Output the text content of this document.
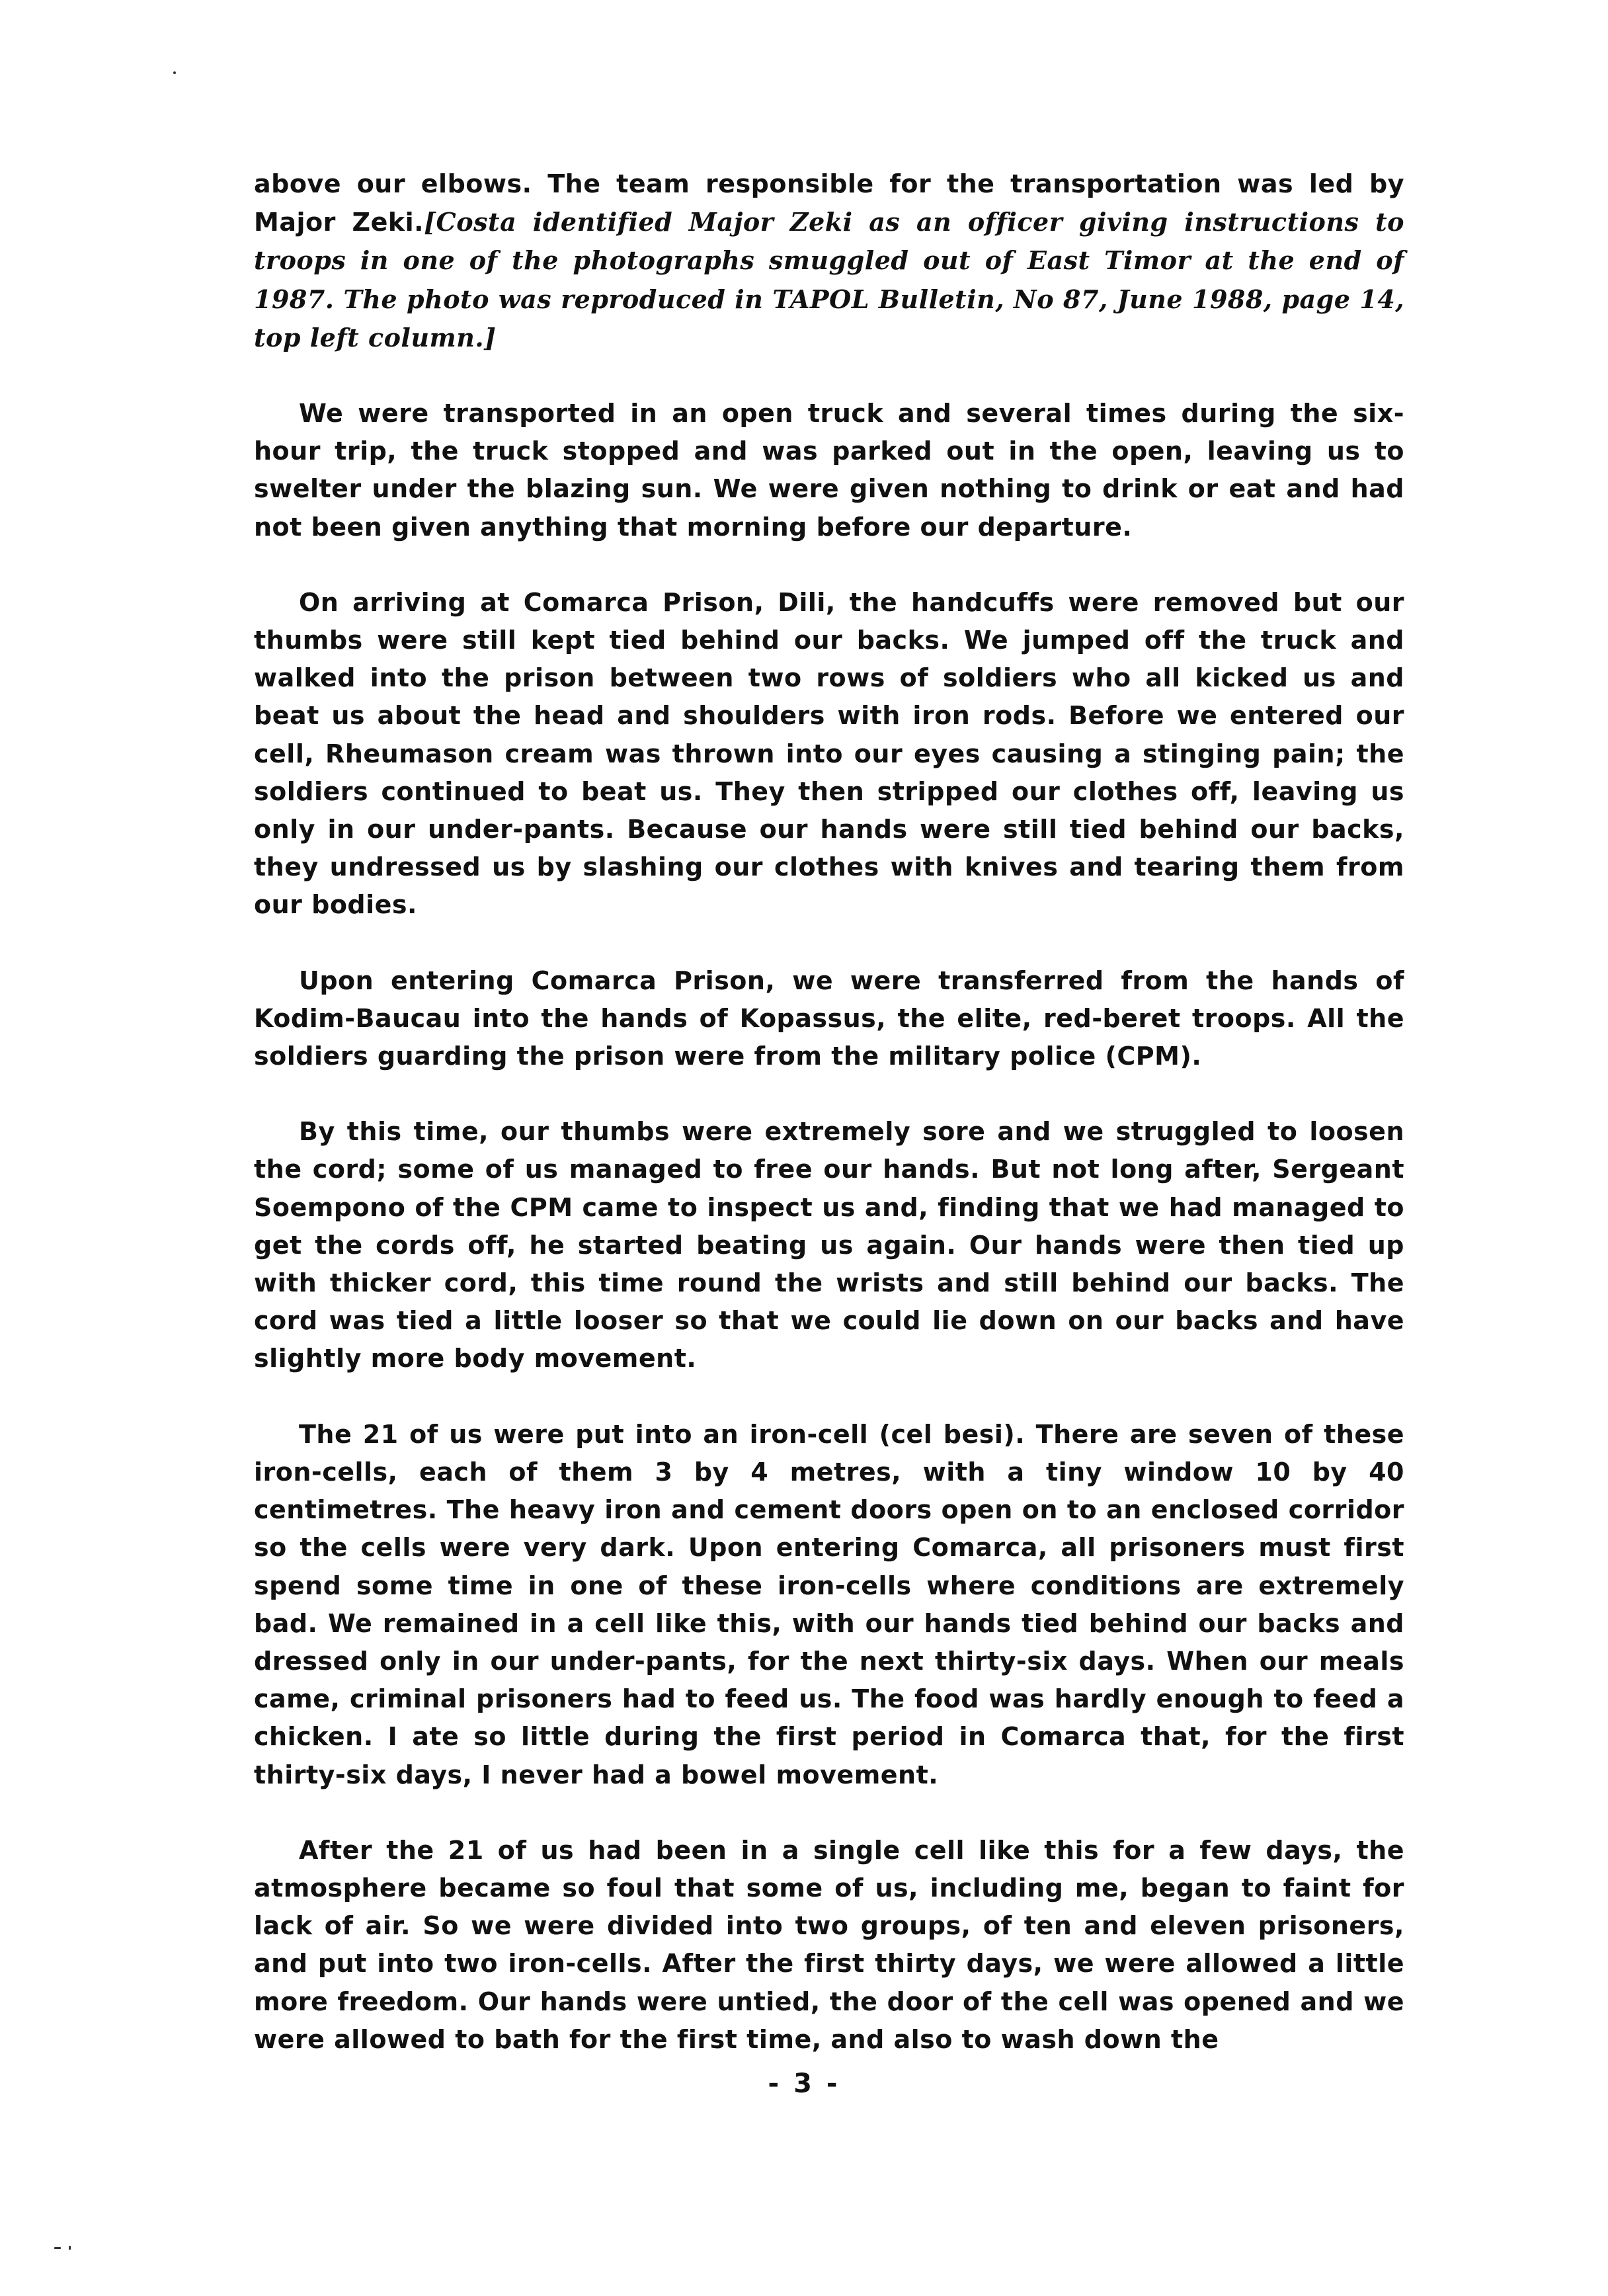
above our elbows. The team responsible for the transportation was led by Major Zeki.[Costa identified Major Zeki as an officer giving instructions to troops in one of the photographs smuggled out of East Timor at the end of 1987. The photo was reproduced in TAPOL Bulletin, No 87, June 1988, page 14, top left column.]

We were transported in an open truck and several times during the six-hour trip, the truck stopped and was parked out in the open, leaving us to swelter under the blazing sun. We were given nothing to drink or eat and had not been given anything that morning before our departure.

On arriving at Comarca Prison, Dili, the handcuffs were removed but our thumbs were still kept tied behind our backs. We jumped off the truck and walked into the prison between two rows of soldiers who all kicked us and beat us about the head and shoulders with iron rods. Before we entered our cell, Rheumason cream was thrown into our eyes causing a stinging pain; the soldiers continued to beat us. They then stripped our clothes off, leaving us only in our under-pants. Because our hands were still tied behind our backs, they undressed us by slashing our clothes with knives and tearing them from our bodies.

Upon entering Comarca Prison, we were transferred from the hands of Kodim-Baucau into the hands of Kopassus, the elite, red-beret troops. All the soldiers guarding the prison were from the military police (CPM).

By this time, our thumbs were extremely sore and we struggled to loosen the cord; some of us managed to free our hands. But not long after, Sergeant Soempono of the CPM came to inspect us and, finding that we had managed to get the cords off, he started beating us again. Our hands were then tied up with thicker cord, this time round the wrists and still behind our backs. The cord was tied a little looser so that we could lie down on our backs and have slightly more body movement.

The 21 of us were put into an iron-cell (cel besi). There are seven of these iron-cells, each of them 3 by 4 metres, with a tiny window 10 by 40 centimetres. The heavy iron and cement doors open on to an enclosed corridor so the cells were very dark. Upon entering Comarca, all prisoners must first spend some time in one of these iron-cells where conditions are extremely bad. We remained in a cell like this, with our hands tied behind our backs and dressed only in our under-pants, for the next thirty-six days. When our meals came, criminal prisoners had to feed us. The food was hardly enough to feed a chicken. I ate so little during the first period in Comarca that, for the first thirty-six days, I never had a bowel movement.

After the 21 of us had been in a single cell like this for a few days, the atmosphere became so foul that some of us, including me, began to faint for lack of air. So we were divided into two groups, of ten and eleven prisoners, and put into two iron-cells. After the first thirty days, we were allowed a little more freedom. Our hands were untied, the door of the cell was opened and we were allowed to bath for the first time, and also to wash down the

- 3 -
